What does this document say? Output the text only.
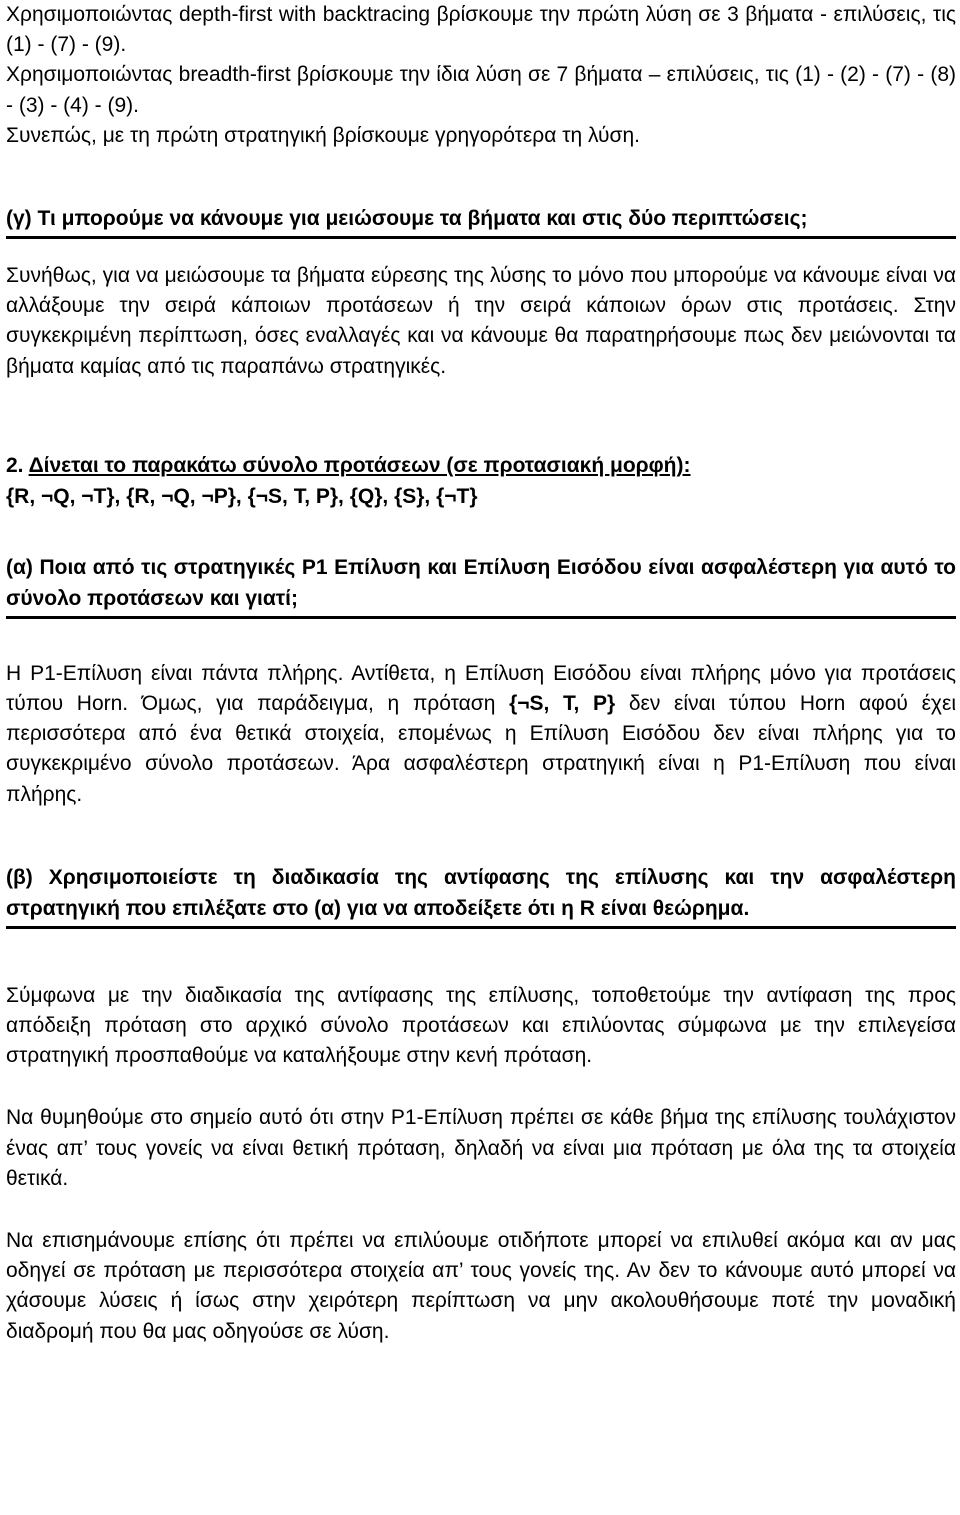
Χρησιμοποιώντας depth-first with backtracing βρίσκουμε την πρώτη λύση σε 3 βήματα - επιλύσεις, τις (1) - (7) - (9).

Χρησιμοποιώντας breadth-first βρίσκουμε την ίδια λύση σε 7 βήματα – επιλύσεις, τις (1) - (2) - (7) - (8) - (3) - (4) - (9).

Συνεπώς, με τη πρώτη στρατηγική βρίσκουμε γρηγορότερα τη λύση.

(γ) Τι μπορούμε να κάνουμε για μειώσουμε τα βήματα και στις δύο περιπτώσεις;

Συνήθως, για να μειώσουμε τα βήματα εύρεσης της λύσης το μόνο που μπορούμε να κάνουμε είναι να αλλάξουμε την σειρά κάποιων προτάσεων ή την σειρά κάποιων όρων στις προτάσεις. Στην συγκεκριμένη περίπτωση, όσες εναλλαγές και να κάνουμε θα παρατηρήσουμε πως δεν μειώνονται τα βήματα καμίας από τις παραπάνω στρατηγικές.

2. Δίνεται το παρακάτω σύνολο προτάσεων (σε προτασιακή μορφή):
{R, ¬Q, ¬T}, {R, ¬Q, ¬P}, {¬S, T, P}, {Q}, {S}, {¬T}
(α) Ποια από τις στρατηγικές P1 Επίλυση και Επίλυση Εισόδου είναι ασφαλέστερη για αυτό το σύνολο προτάσεων και γιατί;

Η P1-Επίλυση είναι πάντα πλήρης. Αντίθετα, η Επίλυση Εισόδου είναι πλήρης μόνο για προτάσεις τύπου Horn. Όμως, για παράδειγμα, η πρόταση {¬S, T, P} δεν είναι τύπου Horn αφού έχει περισσότερα από ένα θετικά στοιχεία, επομένως η Επίλυση Εισόδου δεν είναι πλήρης για το συγκεκριμένο σύνολο προτάσεων. Άρα ασφαλέστερη στρατηγική είναι η P1-Επίλυση που είναι πλήρης.

(β) Χρησιμοποιείστε τη διαδικασία της αντίφασης της επίλυσης και την ασφαλέστερη στρατηγική που επιλέξατε στο (α) για να αποδείξετε ότι η R είναι θεώρημα.

Σύμφωνα με την διαδικασία της αντίφασης της επίλυσης, τοποθετούμε την αντίφαση της προς απόδειξη πρόταση στο αρχικό σύνολο προτάσεων και επιλύοντας σύμφωνα με την επιλεγείσα στρατηγική προσπαθούμε να καταλήξουμε στην κενή πρόταση.

Να θυμηθούμε στο σημείο αυτό ότι στην P1-Επίλυση πρέπει σε κάθε βήμα της επίλυσης τουλάχιστον ένας απ’ τους γονείς να είναι θετική πρόταση, δηλαδή να είναι μια πρόταση με όλα της τα στοιχεία θετικά.

Να επισημάνουμε επίσης ότι πρέπει να επιλύουμε οτιδήποτε μπορεί να επιλυθεί ακόμα και αν μας οδηγεί σε πρόταση με περισσότερα στοιχεία απ’ τους γονείς της. Αν δεν το κάνουμε αυτό μπορεί να χάσουμε λύσεις ή ίσως στην χειρότερη περίπτωση να μην ακολουθήσουμε ποτέ την μοναδική διαδρομή που θα μας οδηγούσε σε λύση.
